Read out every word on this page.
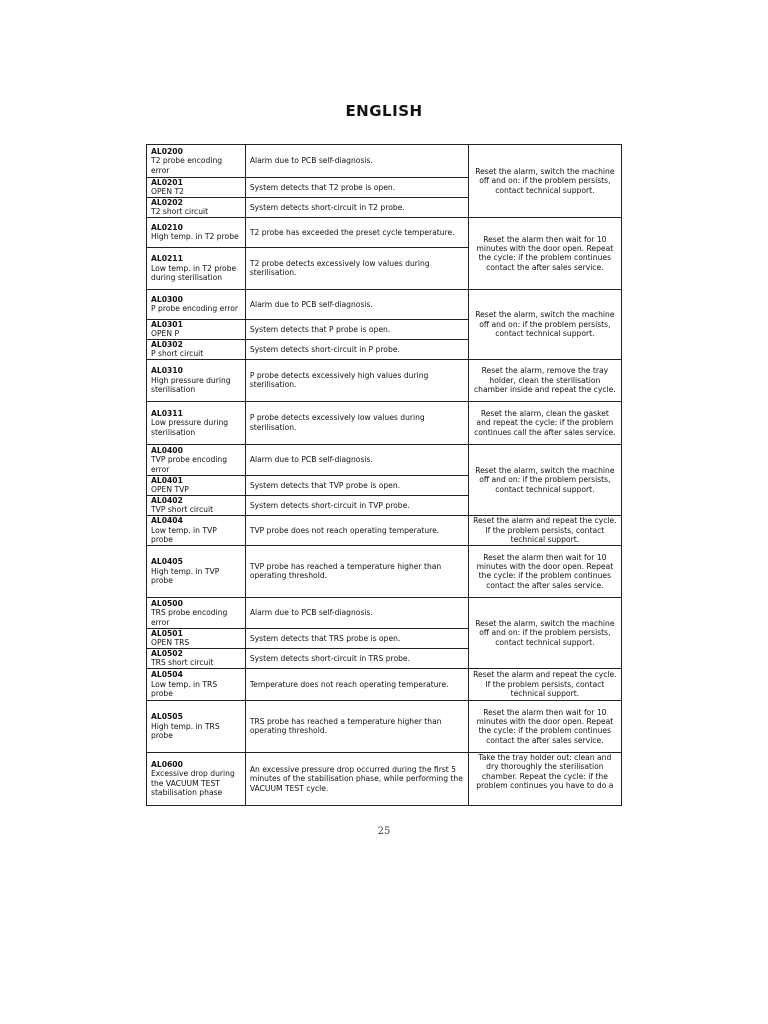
ENGLISH
AL0200
T2 probe encoding error	Alarm due to PCB self-diagnosis.	Reset the alarm, switch the machine off and on: if the problem persists, contact technical support.

AL0201
OPEN T2	System detects that T2 probe is open.	

AL0202
T2 short circuit	System detects short-circuit in T2 probe.	

AL0210
High temp. in T2 probe	T2 probe has exceeded the preset cycle temperature.	Reset the alarm then wait for 10 minutes with the door open. Repeat the cycle: if the problem continues contact the after sales service.

AL0211
Low temp. in T2 probe during sterilisation	T2 probe detects excessively low values during sterilisation.	

AL0300
P probe encoding error	Alarm due to PCB self-diagnosis.	Reset the alarm, switch the machine off and on: if the problem persists, contact technical support.

AL0301
OPEN P	System detects that P probe is open.	

AL0302
P short circuit	System detects short-circuit in P probe.	

AL0310
High pressure during sterilisation	P probe detects excessively high values during sterilisation.	Reset the alarm, remove the tray holder, clean the sterilisation chamber inside and repeat the cycle.

AL0311
Low pressure during sterilisation	P probe detects excessively low values during sterilisation.	Reset the alarm, clean the gasket and repeat the cycle: if the problem continues call the after sales service.

AL0400
TVP probe encoding error	Alarm due to PCB self-diagnosis.	Reset the alarm, switch the machine off and on: if the problem persists, contact technical support.

AL0401
OPEN TVP	System detects that TVP probe is open.	

AL0402
TVP short circuit	System detects short-circuit in TVP probe.	

AL0404
Low temp. in TVP probe	TVP probe does not reach operating temperature.	Reset the alarm and repeat the cycle. If the problem persists, contact technical support.

AL0405
High temp. in TVP probe	TVP probe has reached a temperature higher than operating threshold.	Reset the alarm then wait for 10 minutes with the door open. Repeat the cycle: if the problem continues contact the after sales service.

AL0500
TRS probe encoding error	Alarm due to PCB self-diagnosis.	Reset the alarm, switch the machine off and on: if the problem persists, contact technical support.

AL0501
OPEN TRS	System detects that TRS probe is open.	

AL0502
TRS short circuit	System detects short-circuit in TRS probe.	

AL0504
Low temp. in TRS probe	Temperature does not reach operating temperature.	Reset the alarm and repeat the cycle. If the problem persists, contact technical support.

AL0505
High temp. in TRS probe	TRS probe has reached a temperature higher than operating threshold.	Reset the alarm then wait for 10 minutes with the door open. Repeat the cycle: if the problem continues contact the after sales service.

AL0600
Excessive drop during the VACUUM TEST stabilisation phase	An excessive pressure drop occurred during the first 5 minutes of the stabilisation phase, while performing the VACUUM TEST cycle.	Take the tray holder out: clean and dry thoroughly the sterilisation chamber. Repeat the cycle: if the problem continues you have to do a
25
